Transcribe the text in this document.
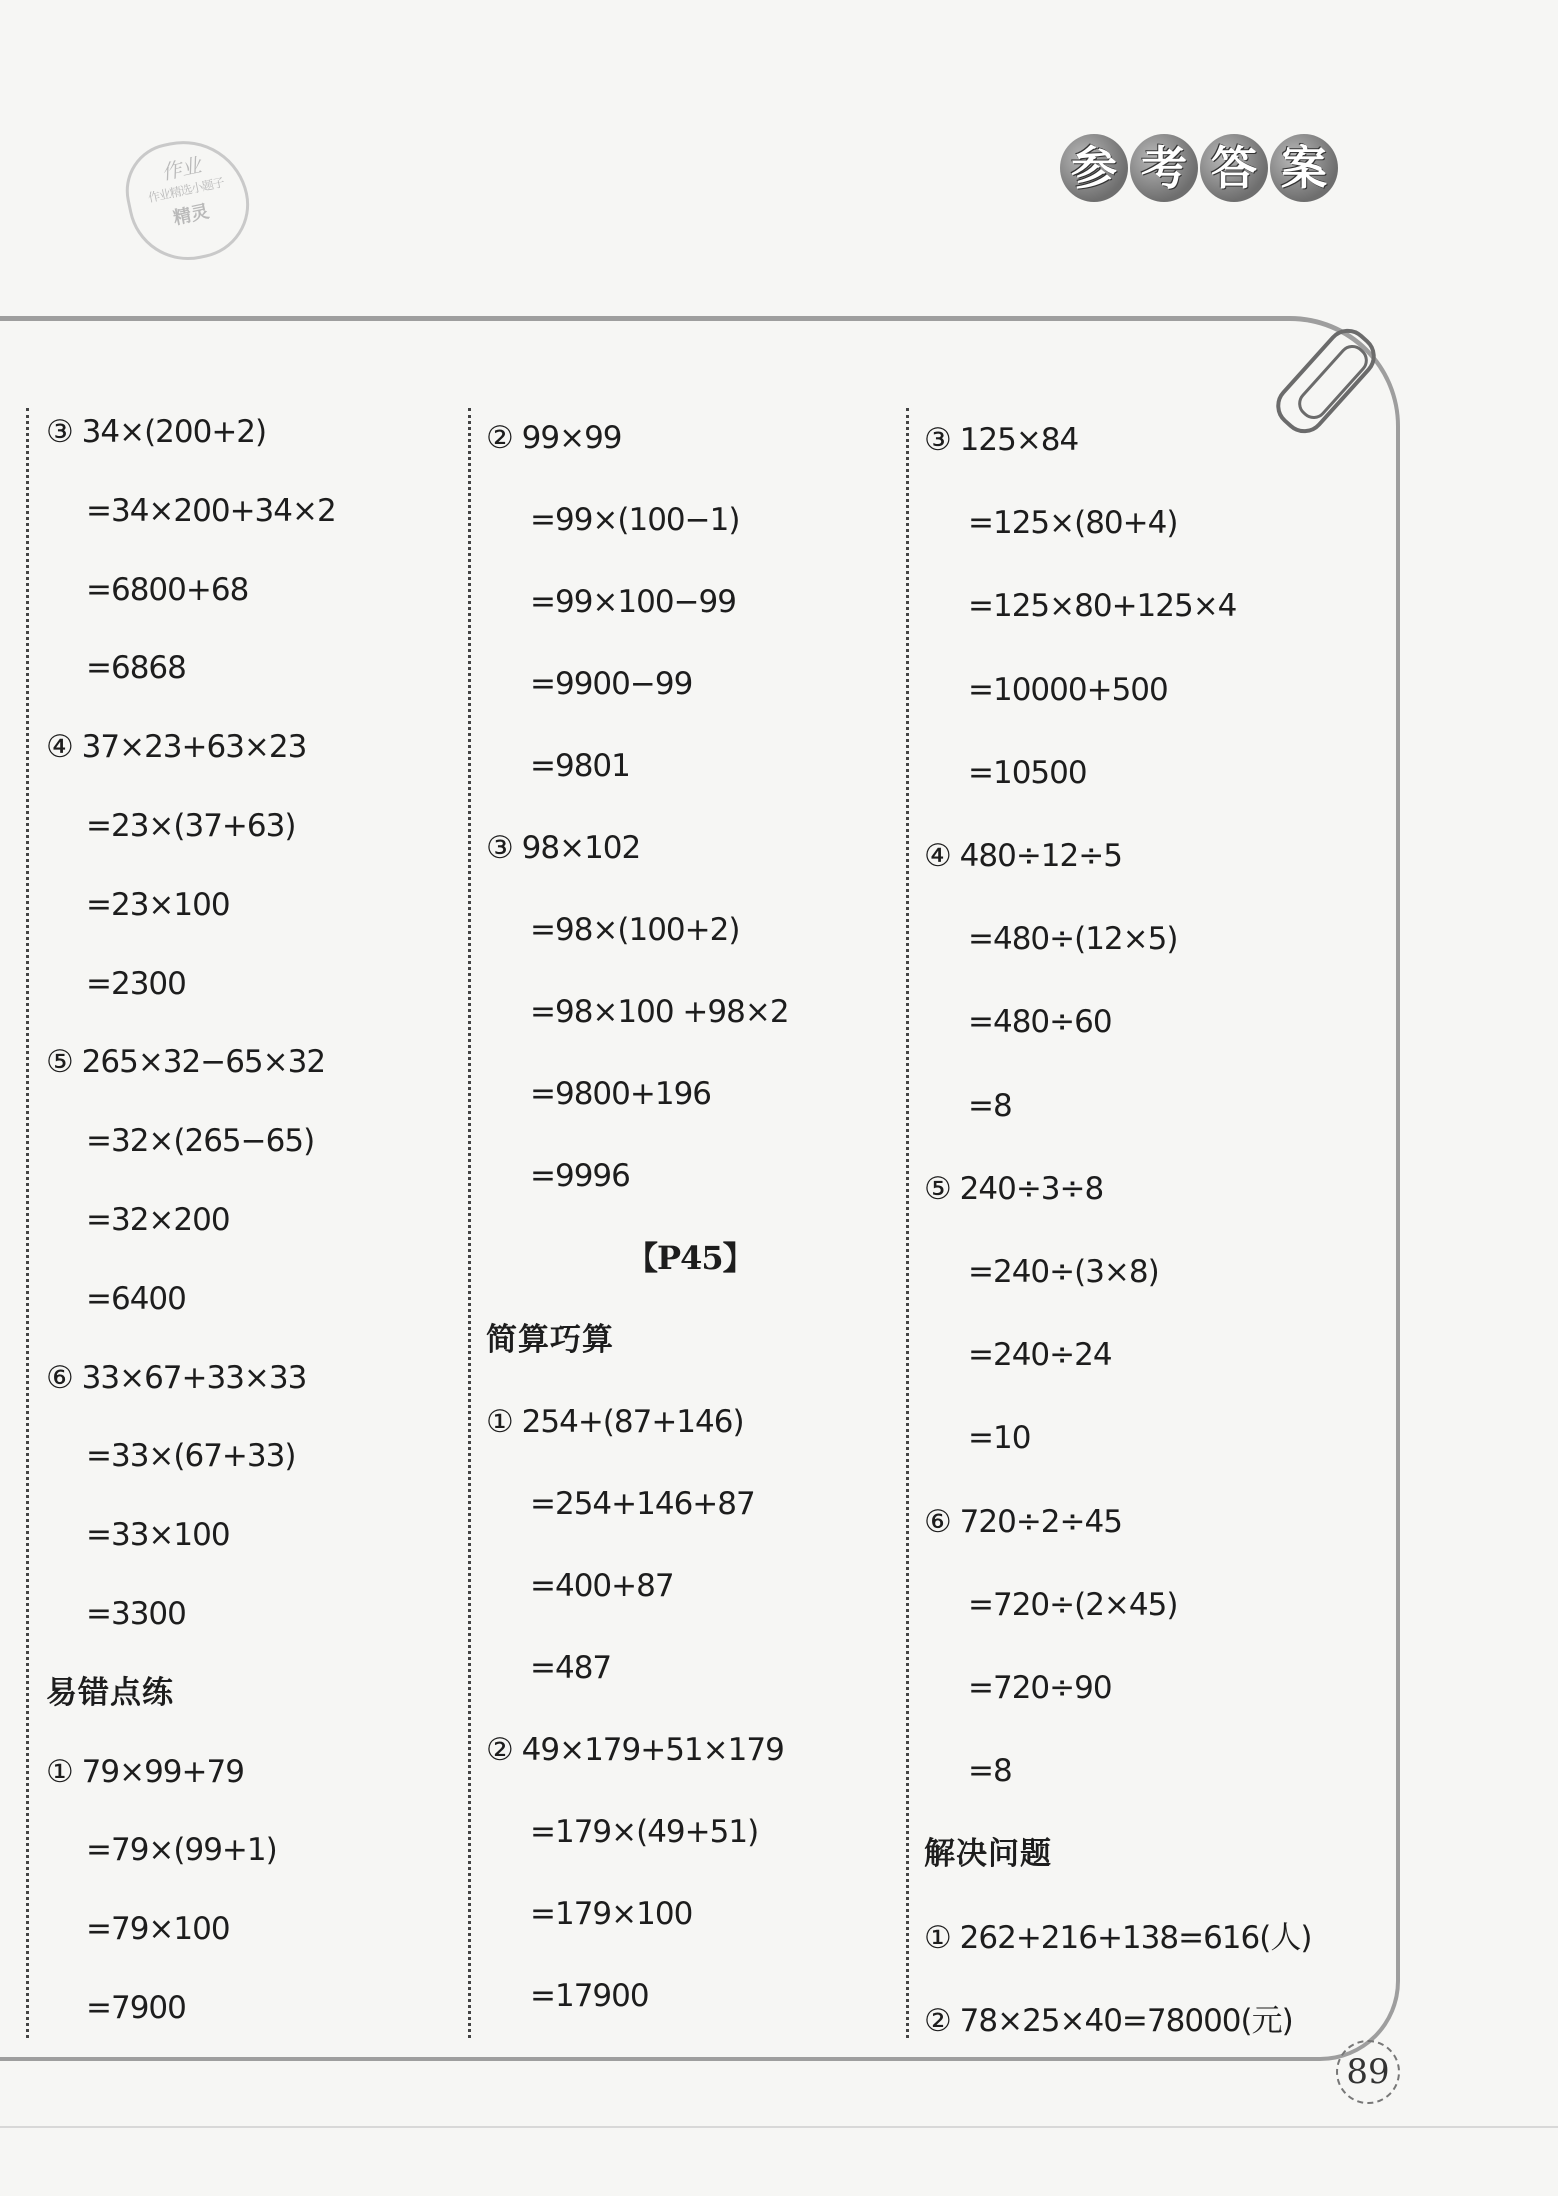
作业
作业精选小题子
精灵
参 考 答 案
③ 34×(200+2)
=34×200+34×2
=6800+68
=6868
④ 37×23+63×23
=23×(37+63)
=23×100
=2300
⑤ 265×32−65×32
=32×(265−65)
=32×200
=6400
⑥ 33×67+33×33
=33×(67+33)
=33×100
=3300
易错点练
① 79×99+79
=79×(99+1)
=79×100
=7900
② 99×99
=99×(100−1)
=99×100−99
=9900−99
=9801
③ 98×102
=98×(100+2)
=98×100 +98×2
=9800+196
=9996
【P45】
简算巧算
① 254+(87+146)
=254+146+87
=400+87
=487
② 49×179+51×179
=179×(49+51)
=179×100
=17900
③ 125×84
=125×(80+4)
=125×80+125×4
=10000+500
=10500
④ 480÷12÷5
=480÷(12×5)
=480÷60
=8
⑤ 240÷3÷8
=240÷(3×8)
=240÷24
=10
⑥ 720÷2÷45
=720÷(2×45)
=720÷90
=8
解决问题
① 262+216+138=616(人)
② 78×25×40=78000(元)
89
